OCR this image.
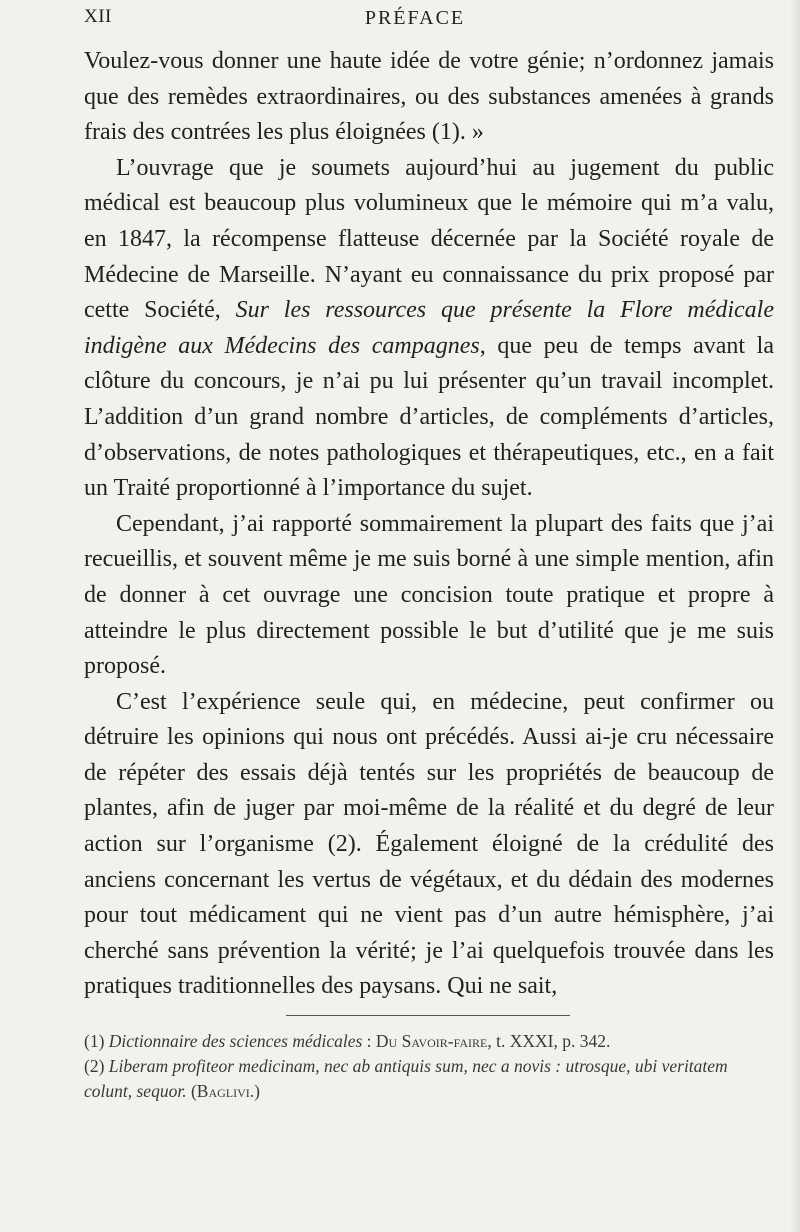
XII	PRÉFACE

Voulez-vous donner une haute idée de votre génie; n’ordonnez jamais que des remèdes extraordinaires, ou des substances amenées à grands frais des contrées les plus éloignées (1). »

L’ouvrage que je soumets aujourd’hui au jugement du public médical est beaucoup plus volumineux que le mémoire qui m’a valu, en 1847, la récompense flatteuse décernée par la Société royale de Médecine de Marseille. N’ayant eu connaissance du prix proposé par cette Société, Sur les ressources que présente la Flore médicale indigène aux Médecins des campagnes, que peu de temps avant la clôture du concours, je n’ai pu lui présenter qu’un travail incomplet. L’addition d’un grand nombre d’articles, de compléments d’articles, d’observations, de notes pathologiques et thérapeutiques, etc., en a fait un Traité proportionné à l’importance du sujet.

Cependant, j’ai rapporté sommairement la plupart des faits que j’ai recueillis, et souvent même je me suis borné à une simple mention, afin de donner à cet ouvrage une concision toute pratique et propre à atteindre le plus directement possible le but d’utilité que je me suis proposé.

C’est l’expérience seule qui, en médecine, peut confirmer ou détruire les opinions qui nous ont précédés. Aussi ai-je cru nécessaire de répéter des essais déjà tentés sur les propriétés de beaucoup de plantes, afin de juger par moi-même de la réalité et du degré de leur action sur l’organisme (2). Également éloigné de la crédulité des anciens concernant les vertus de végétaux, et du dédain des modernes pour tout médicament qui ne vient pas d’un autre hémisphère, j’ai cherché sans prévention la vérité; je l’ai quelquefois trouvée dans les pratiques traditionnelles des paysans. Qui ne sait,

(1) Dictionnaire des sciences médicales : Du Savoir-faire, t. XXXI, p. 342.

(2) Liberam profiteor medicinam, nec ab antiquis sum, nec a novis : utrosque, ubi veritatem colunt, sequor. (Baglivi.)
